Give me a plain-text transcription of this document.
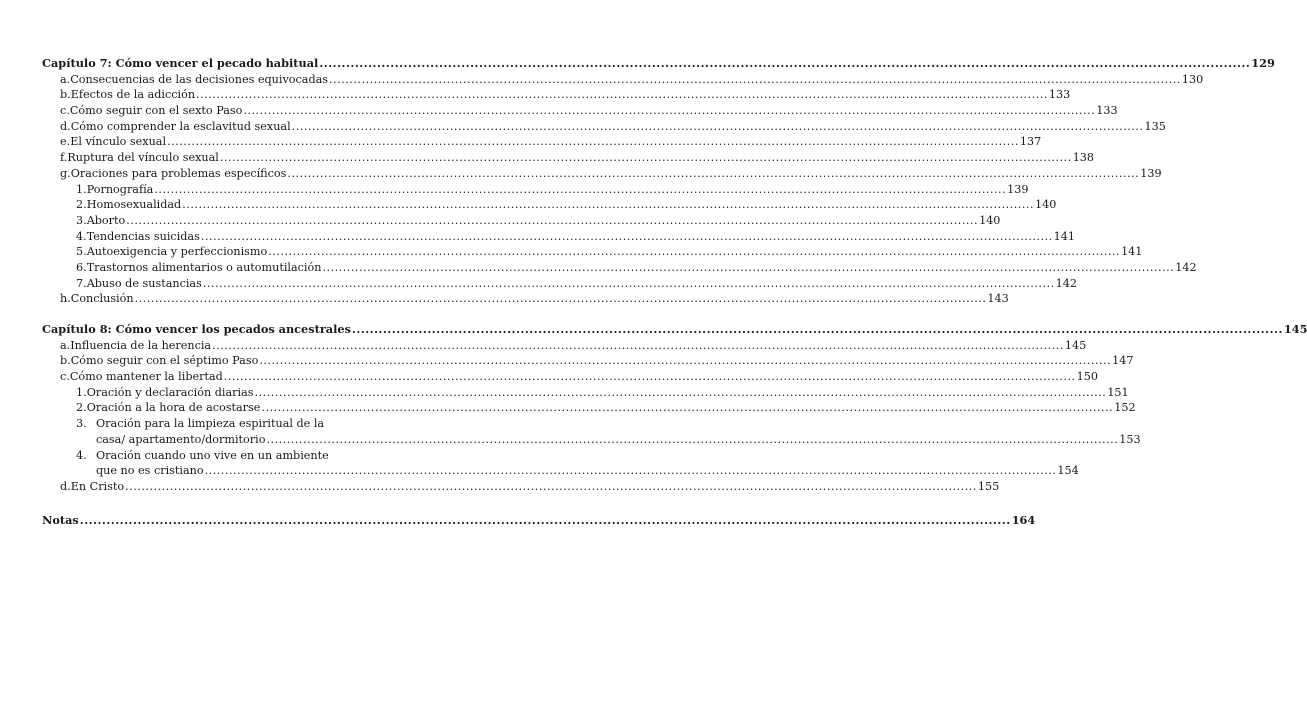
Capítulo 7: Cómo vencer el pecado habitual .....	129
a. Consecuencias de las decisiones equivocadas .....	130
b. Efectos de la adicción .....	133
c. Cómo seguir con el sexto Paso .....	133
d. Cómo comprender la esclavitud sexual .....	135
e. El vínculo sexual .....	137
f. Ruptura del vínculo sexual .....	138
g. Oraciones para problemas específicos .....	139
1. Pornografía .....	139
2. Homosexualidad .....	140
3. Aborto .....	140
4. Tendencias suicidas .....	141
5. Autoexigencia y perfeccionismo .....	141
6. Trastornos alimentarios o automutilación .....	142
7. Abuso de sustancias .....	142
h. Conclusión .....	143
Capítulo 8: Cómo vencer los pecados ancestrales .....	145
a. Influencia de la herencia .....	145
b. Cómo seguir con el séptimo Paso .....	147
c. Cómo mantener la libertad .....	150
1. Oración y declaración diarias .....	151
2. Oración a la hora de acostarse .....	152
3. Oración para la limpieza espiritual de la
casa/ apartamento/dormitorio .....	153
4. Oración cuando uno vive en un ambiente
que no es cristiano .....	154
d. En Cristo .....	155
Notas .....	164
